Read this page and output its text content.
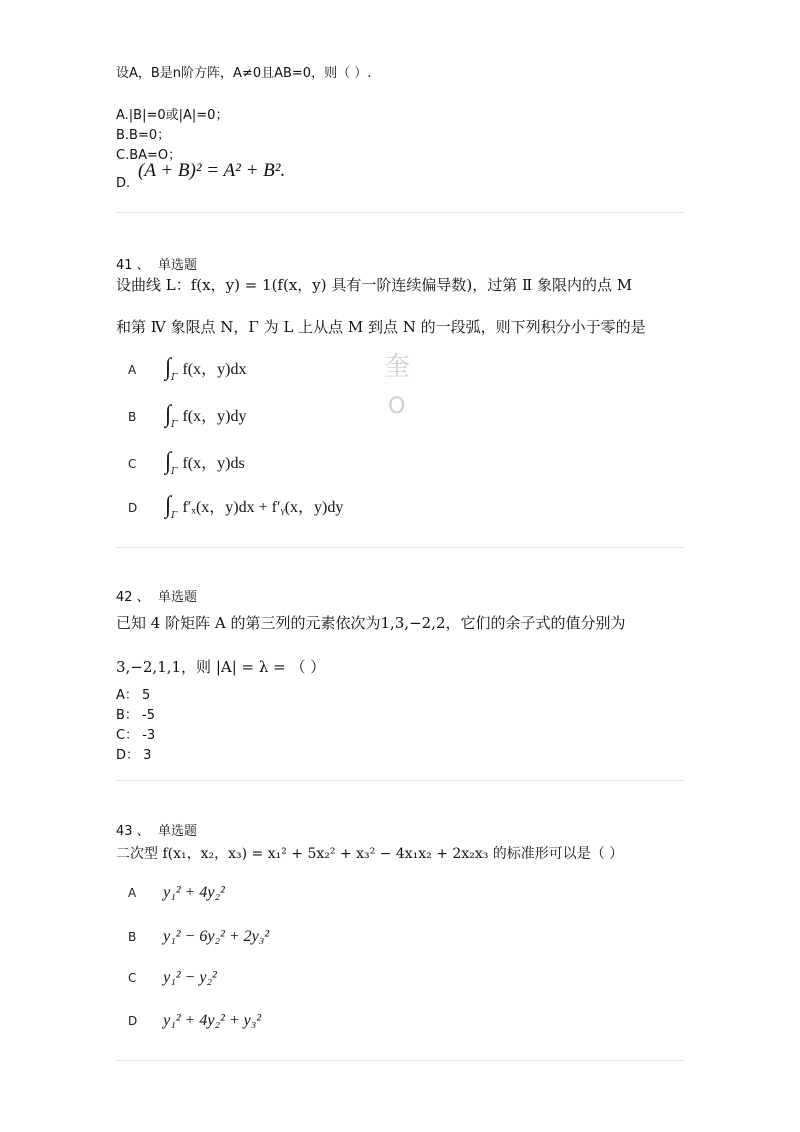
设A，B是n阶方阵，A≠0且AB=0，则（ ）.
A.|B|=0或|A|=0；
B.B=0；
C.BA=O；
D.
(A + B)² = A² + B².
41 、 单选题
设曲线 L：f(x，y) = 1(f(x，y) 具有一阶连续偏导数)，过第 Ⅱ 象限内的点 M
和第 Ⅳ 象限点 N，Γ 为 L 上从点 M 到点 N 的一段弧，则下列积分小于零的是
奎
O
A $\int_\Gamma$ f(x，y)dx
B $\int_\Gamma$ f(x，y)dy
C $\int_\Gamma$ f(x，y)ds
D $\int_\Gamma$ f′ₓ(x，y)dx + f′ᵧ(x，y)dy
42 、 单选题
已知 4 阶矩阵 A 的第三列的元素依次为1,3,−2,2，它们的余子式的值分别为
3,−2,1,1，则 |A| = λ = （ ）
A： 5
B： -5
C： -3
D： 3
43 、 单选题
二次型 f(x₁，x₂，x₃) = x₁² + 5x₂² + x₃² − 4x₁x₂ + 2x₂x₃ 的标准形可以是（ ）
A y₁² + 4y₂²
B y₁² − 6y₂² + 2y₃²
C y₁² − y₂²
D y₁² + 4y₂² + y₃²
